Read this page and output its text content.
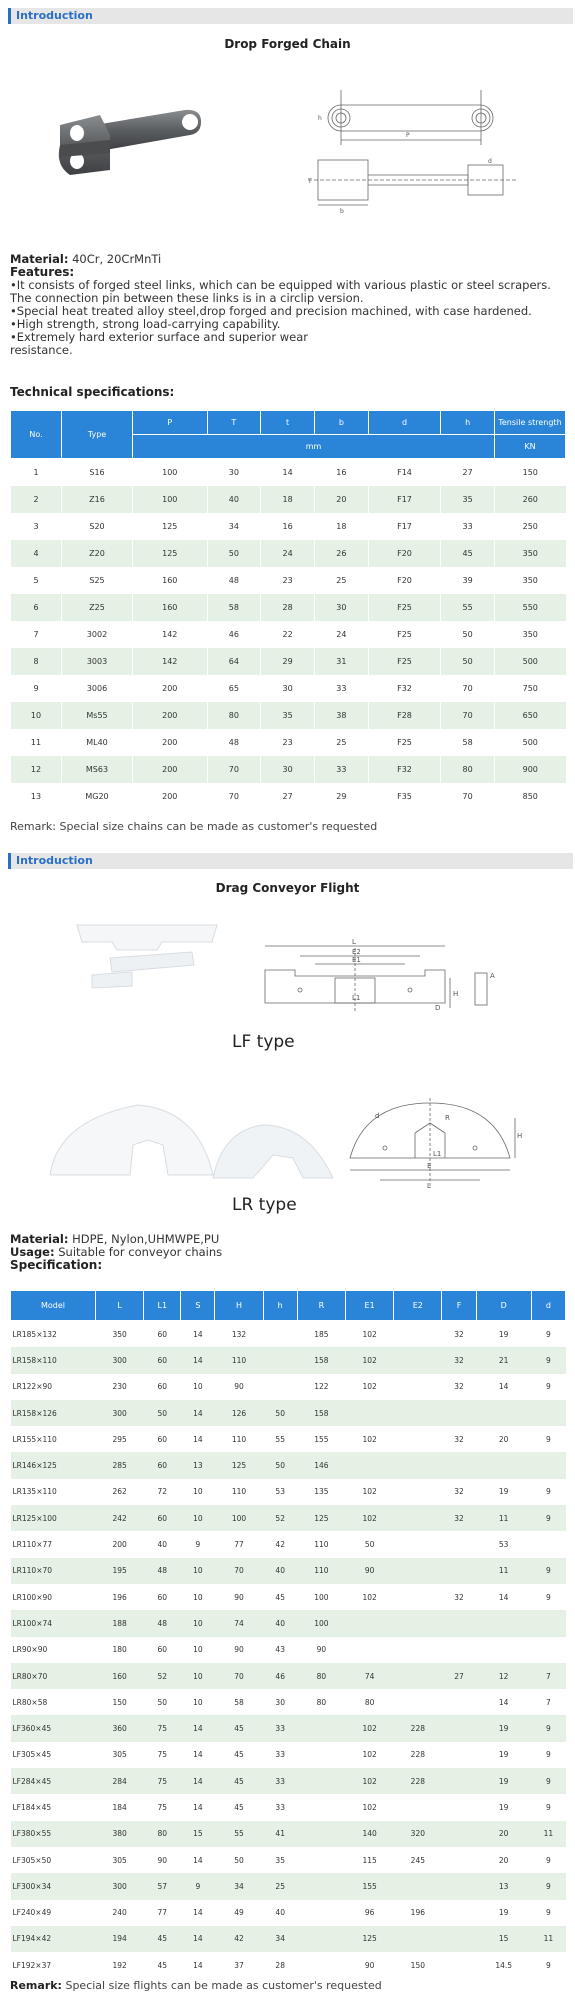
Introduction
Drop Forged Chain
P
h
T
b
d
Material: 40Cr, 20CrMnTi
Features:
•It consists of forged steel links, which can be equipped with various plastic or steel scrapers.
The connection pin between these links is in a circlip version.
•Special heat treated alloy steel,drop forged and precision machined, with case hardened.
•High strength, strong load-carrying capability.
•Extremely hard exterior surface and superior wear
resistance.
Technical specifications:
No.	Type	P	T	t	b	d	h	Tensile strength
		mm						KN
1	S16	100	30	14	16	F14	27	150
2	Z16	100	40	18	20	F17	35	260
3	S20	125	34	16	18	F17	33	250
4	Z20	125	50	24	26	F20	45	350
5	S25	160	48	23	25	F20	39	350
6	Z25	160	58	28	30	F25	55	550
7	3002	142	46	22	24	F25	50	350
8	3003	142	64	29	31	F25	50	500
9	3006	200	65	30	33	F32	70	750
10	Ms55	200	80	35	38	F28	70	650
11	ML40	200	48	23	25	F25	58	500
12	MS63	200	70	30	33	F32	80	900
13	MG20	200	70	27	29	F35	70	850
Remark: Special size chains can be made as customer's requested
Introduction
Drag Conveyor Flight
L
E2
E1
L1	H
D
A
LF type
d	R
H
L1
E
L
LR type
Material: HDPE, Nylon,UHMWPE,PU
Usage: Suitable for conveyor chains
Specification:
Model	L	L1	S	H	h	R	E1	E2	F	D	d
LR185×132	350	60	14	132		185	102		32	19	9
LR158×110	300	60	14	110		158	102		32	21	9
LR122×90	230	60	10	90		122	102		32	14	9
LR158×126	300	50	14	126	50	158					
LR155×110	295	60	14	110	55	155	102		32	20	9
LR146×125	285	60	13	125	50	146					
LR135×110	262	72	10	110	53	135	102		32	19	9
LR125×100	242	60	10	100	52	125	102		32	11	9
LR110×77	200	40	9	77	42	110	50			53	
LR110×70	195	48	10	70	40	110	90			11	9
LR100×90	196	60	10	90	45	100	102		32	14	9
LR100×74	188	48	10	74	40	100					
LR90×90	180	60	10	90	43	90					
LR80×70	160	52	10	70	46	80	74		27	12	7
LR80×58	150	50	10	58	30	80	80			14	7
LF360×45	360	75	14	45	33		102	228		19	9
LF305×45	305	75	14	45	33		102	228		19	9
LF284×45	284	75	14	45	33		102	228		19	9
LF184×45	184	75	14	45	33		102			19	9
LF380×55	380	80	15	55	41		140	320		20	11
LF305×50	305	90	14	50	35		115	245		20	9
LF300×34	300	57	9	34	25		155			13	9
LF240×49	240	77	14	49	40		96	196		19	9
LF194×42	194	45	14	42	34		125			15	11
LF192×37	192	45	14	37	28		90	150		14.5	9
Remark: Special size flights can be made as customer's requested
